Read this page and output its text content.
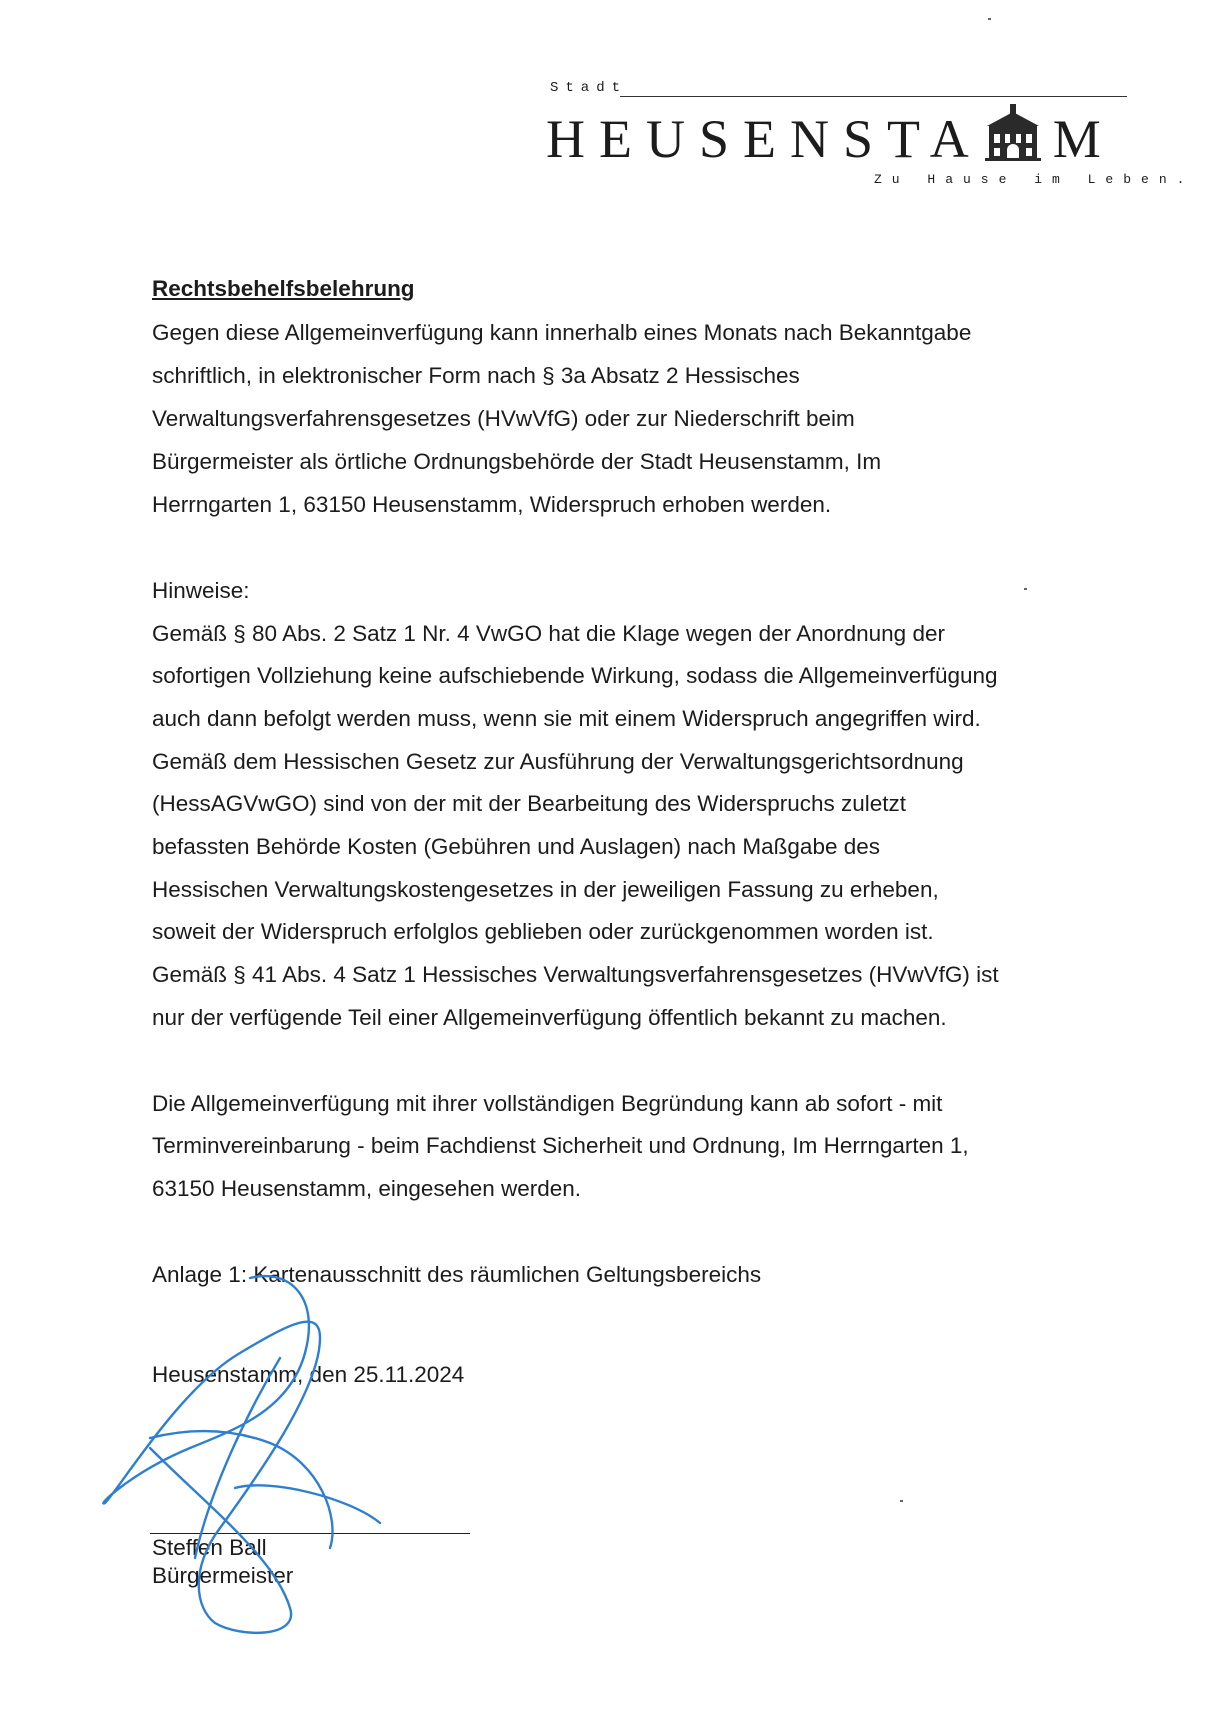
Stadt
HEUSENSTA M
Zu Hause im Leben.
Rechtsbehelfsbelehrung
Gegen diese Allgemeinverfügung kann innerhalb eines Monats nach Bekanntgabe
schriftlich, in elektronischer Form nach § 3a Absatz 2 Hessisches
Verwaltungsverfahrensgesetzes (HVwVfG) oder zur Niederschrift beim
Bürgermeister als örtliche Ordnungsbehörde der Stadt Heusenstamm, Im
Herrngarten 1, 63150 Heusenstamm, Widerspruch erhoben werden.
Hinweise:
Gemäß § 80 Abs. 2 Satz 1 Nr. 4 VwGO hat die Klage wegen der Anordnung der
sofortigen Vollziehung keine aufschiebende Wirkung, sodass die Allgemeinverfügung
auch dann befolgt werden muss, wenn sie mit einem Widerspruch angegriffen wird.
Gemäß dem Hessischen Gesetz zur Ausführung der Verwaltungsgerichtsordnung
(HessAGVwGO) sind von der mit der Bearbeitung des Widerspruchs zuletzt
befassten Behörde Kosten (Gebühren und Auslagen) nach Maßgabe des
Hessischen Verwaltungskostengesetzes in der jeweiligen Fassung zu erheben,
soweit der Widerspruch erfolglos geblieben oder zurückgenommen worden ist.
Gemäß § 41 Abs. 4 Satz 1 Hessisches Verwaltungsverfahrensgesetzes (HVwVfG) ist
nur der verfügende Teil einer Allgemeinverfügung öffentlich bekannt zu machen.
Die Allgemeinverfügung mit ihrer vollständigen Begründung kann ab sofort - mit
Terminvereinbarung - beim Fachdienst Sicherheit und Ordnung, Im Herrngarten 1,
63150 Heusenstamm, eingesehen werden.
Anlage 1: Kartenausschnitt des räumlichen Geltungsbereichs
Heusenstamm, den 25.11.2024
Steffen Ball
Bürgermeister
